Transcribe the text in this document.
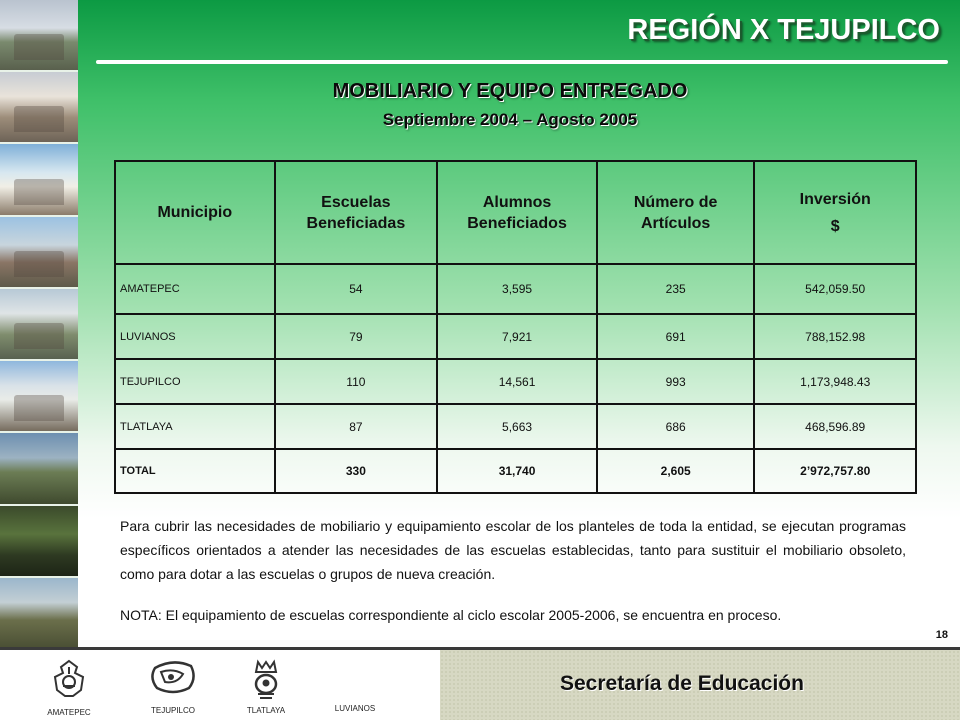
REGIÓN X TEJUPILCO
MOBILIARIO Y EQUIPO ENTREGADO
Septiembre 2004 – Agosto 2005
Municipio	Escuelas Beneficiadas	Alumnos Beneficiados	Número de Artículos	Inversión
$

AMATEPEC	54	3,595	235	542,059.50
LUVIANOS	79	7,921	691	788,152.98
TEJUPILCO	110	14,561	993	1,173,948.43
TLATLAYA	87	5,663	686	468,596.89
TOTAL	330	31,740	2,605	2’972,757.80

Para cubrir las necesidades de mobiliario y equipamiento escolar de los planteles de toda la entidad, se ejecutan programas específicos orientados a atender las necesidades de las escuelas establecidas, tanto para sustituir el mobiliario obsoleto, como para dotar a las escuelas o grupos de nueva creación.

NOTA: El equipamiento de escuelas correspondiente al ciclo escolar 2005-2006, se encuentra en proceso.

18
AMATEPEC	TEJUPILCO	TLATLAYA	LUVIANOS
Secretaría de Educación
